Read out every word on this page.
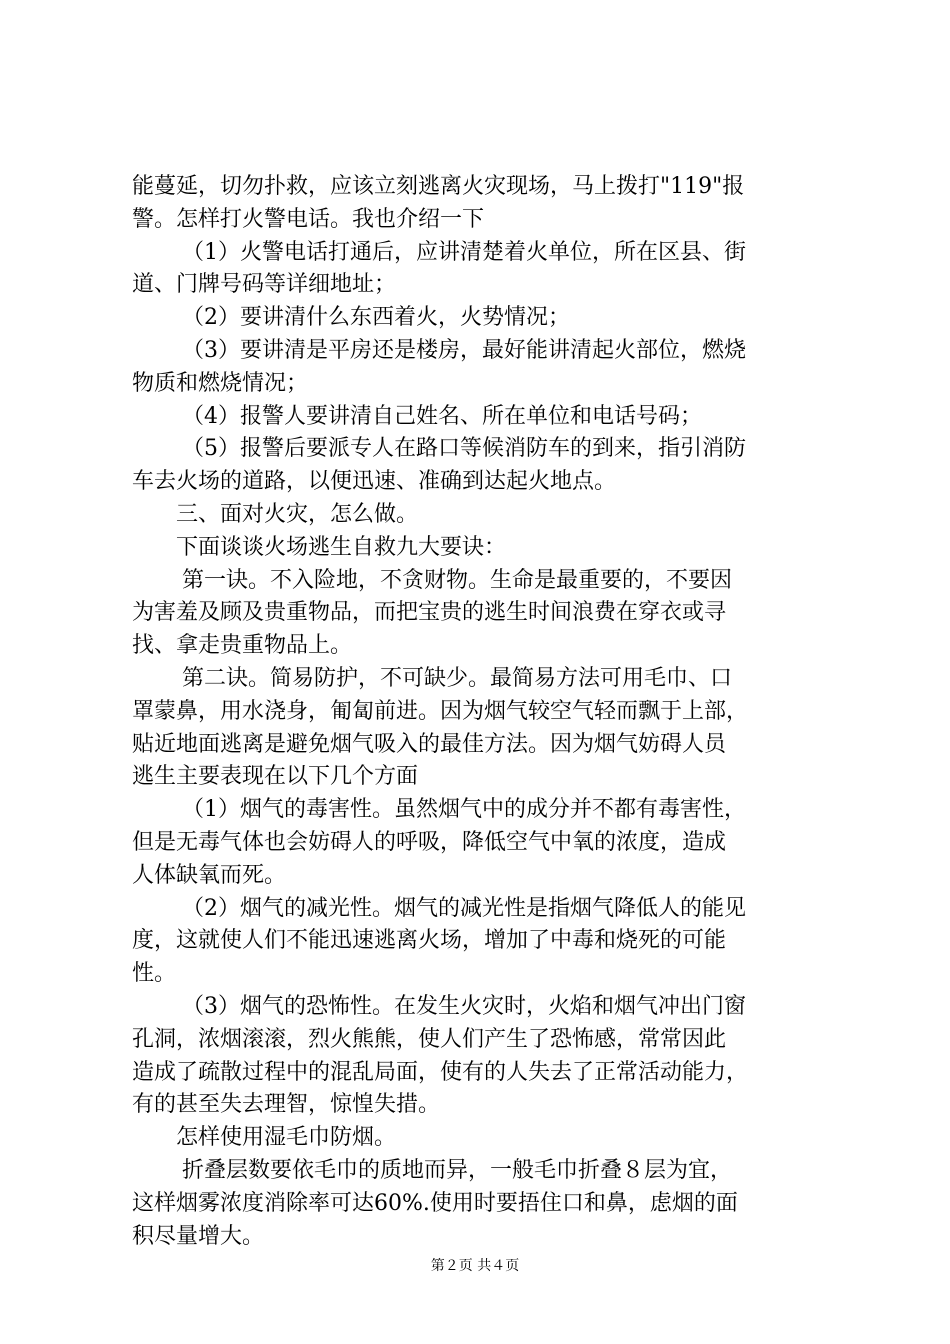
能蔓延，切勿扑救，应该立刻逃离火灾现场，马上拨打"119"报
警。怎样打火警电话。我也介绍一下
（1）火警电话打通后，应讲清楚着火单位，所在区县、街
道、门牌号码等详细地址；
（2）要讲清什么东西着火，火势情况；
（3）要讲清是平房还是楼房，最好能讲清起火部位，燃烧
物质和燃烧情况；
（4）报警人要讲清自己姓名、所在单位和电话号码；
（5）报警后要派专人在路口等候消防车的到来，指引消防
车去火场的道路，以便迅速、准确到达起火地点。
三、面对火灾，怎么做。
下面谈谈火场逃生自救九大要诀：
第一诀。不入险地，不贪财物。生命是最重要的，不要因
为害羞及顾及贵重物品，而把宝贵的逃生时间浪费在穿衣或寻
找、拿走贵重物品上。
第二诀。简易防护，不可缺少。最简易方法可用毛巾、口
罩蒙鼻，用水浇身，匍匐前进。因为烟气较空气轻而飘于上部，
贴近地面逃离是避免烟气吸入的最佳方法。因为烟气妨碍人员
逃生主要表现在以下几个方面
（1）烟气的毒害性。虽然烟气中的成分并不都有毒害性，
但是无毒气体也会妨碍人的呼吸，降低空气中氧的浓度，造成
人体缺氧而死。
（2）烟气的减光性。烟气的减光性是指烟气降低人的能见
度，这就使人们不能迅速逃离火场，增加了中毒和烧死的可能
性。
（3）烟气的恐怖性。在发生火灾时，火焰和烟气冲出门窗
孔洞，浓烟滚滚，烈火熊熊，使人们产生了恐怖感，常常因此
造成了疏散过程中的混乱局面，使有的人失去了正常活动能力，
有的甚至失去理智，惊惶失措。
怎样使用湿毛巾防烟。
折叠层数要依毛巾的质地而异，一般毛巾折叠８层为宜，
这样烟雾浓度消除率可达60%.使用时要捂住口和鼻，虑烟的面
积尽量增大。
第２页 共４页
